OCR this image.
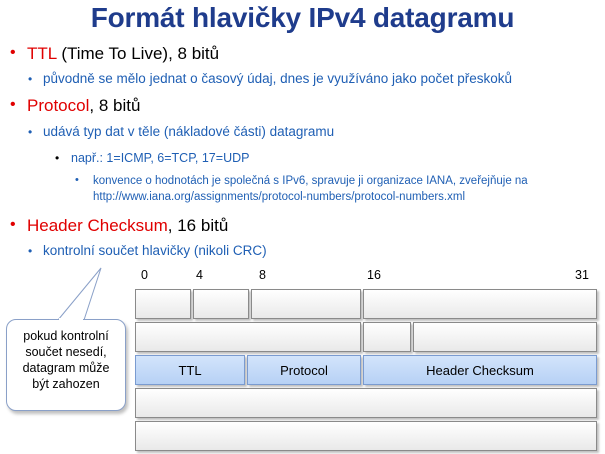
Formát hlavičky IPv4 datagramu
• TTL (Time To Live), 8 bitů
• původně se mělo jednat o časový údaj, dnes je využíváno jako počet přeskoků
• Protocol, 8 bitů
• udává typ dat v těle (nákladové části) datagramu
• např.: 1=ICMP, 6=TCP, 17=UDP
• konvence o hodnotách je společná s IPv6, spravuje ji organizace IANA, zveřejňuje na
http://www.iana.org/assignments/protocol-numbers/protocol-numbers.xml
• Header Checksum, 16 bitů
• kontrolní součet hlavičky (nikoli CRC)
0	4	8	16	31
TTL	Protocol	Header Checksum
pokud kontrolní
součet nesedí,
datagram může
být zahozen
